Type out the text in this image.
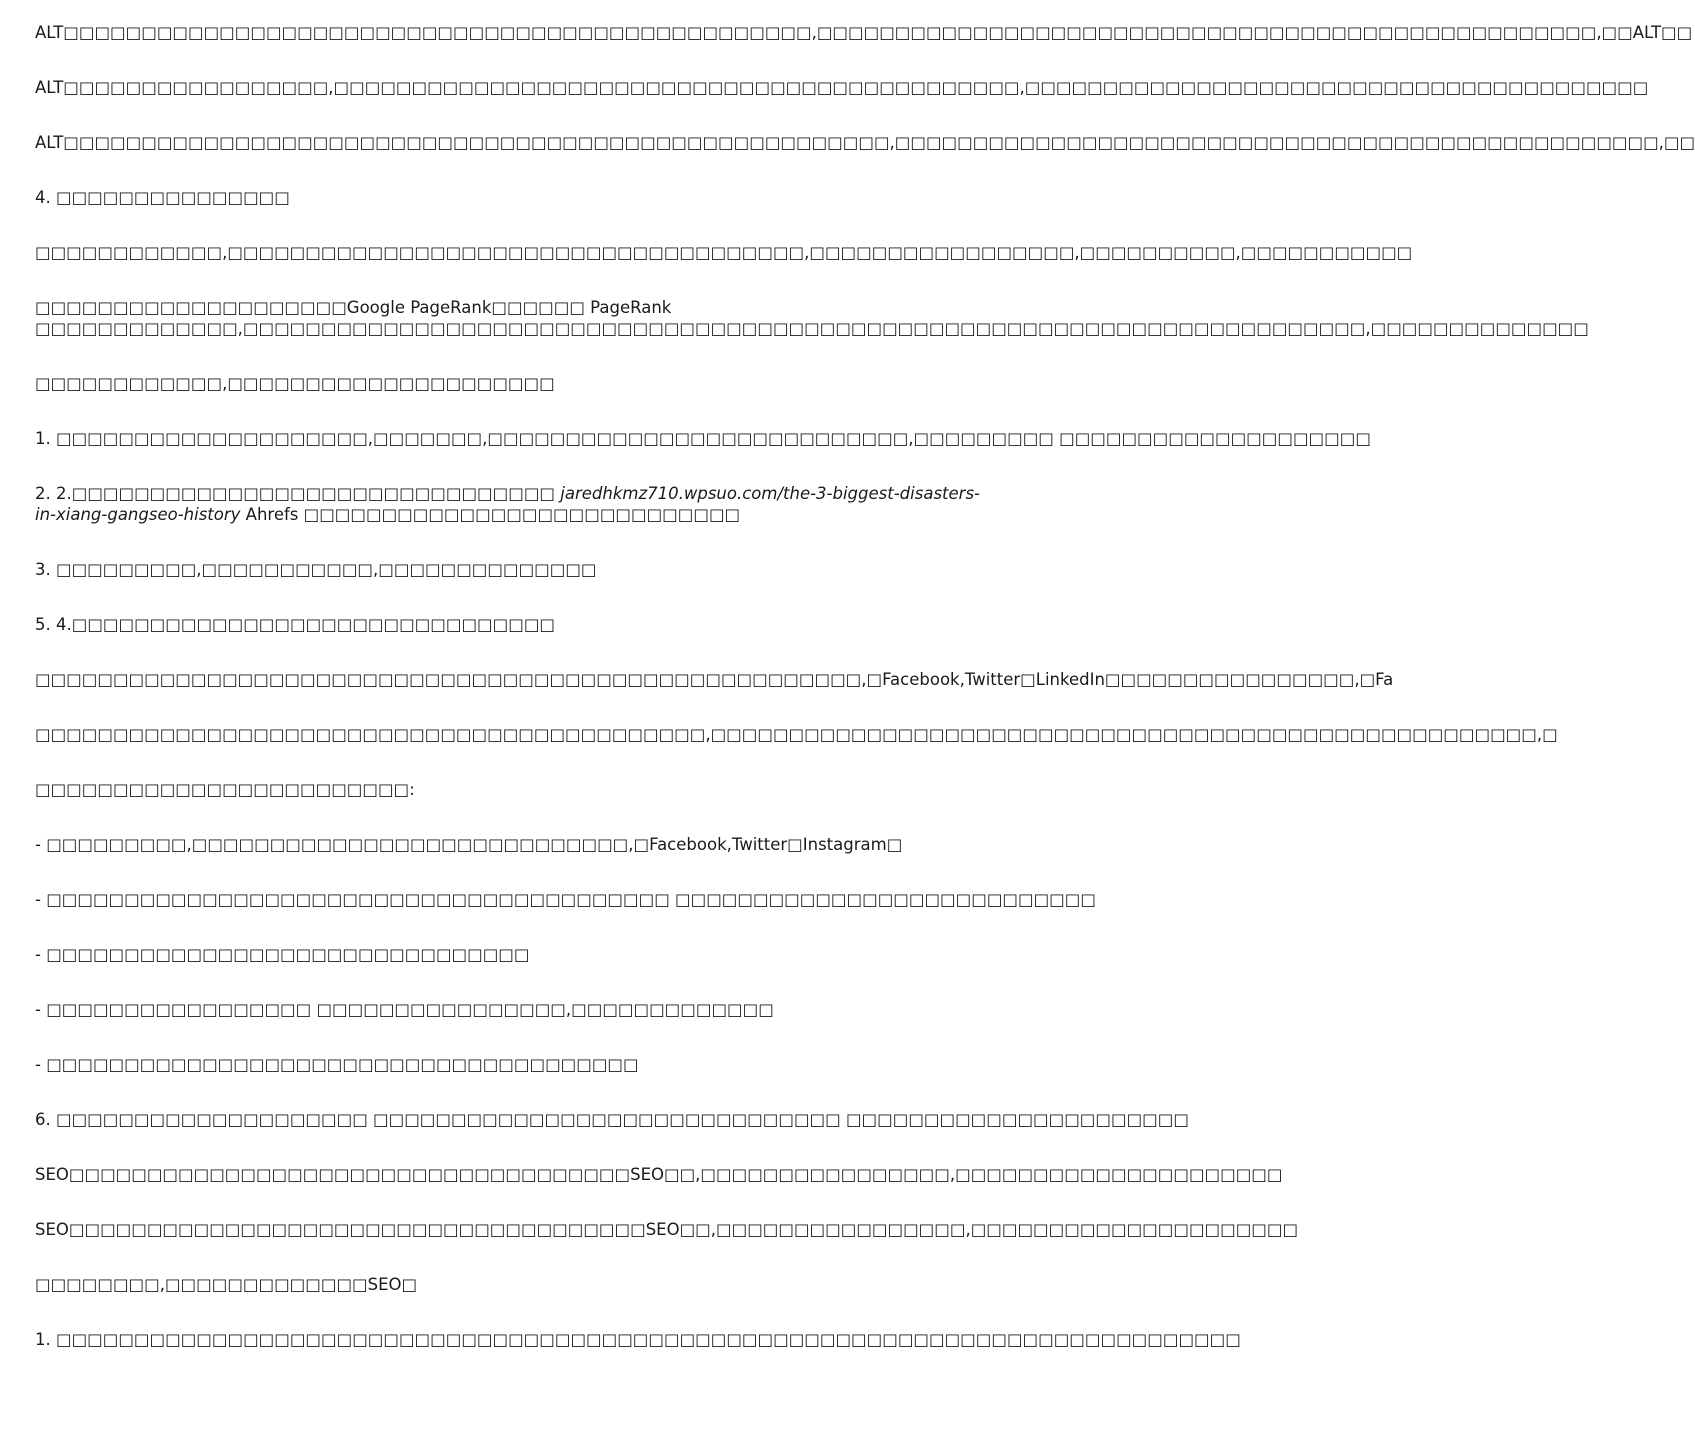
ALT□□□□□□□□□□□□□□□□□□□□□□□□□□□□□□□□□□□□□□□□□□□□□□□□,□□□□□□□□□□□□□□□□□□□□□□□□□□□□□□□□□□□□□□□□□□□□□□□□□□,□□ALT□□

ALT□□□□□□□□□□□□□□□□□,□□□□□□□□□□□□□□□□□□□□□□□□□□□□□□□□□□□□□□□□□□□□,□□□□□□□□□□□□□□□□□□□□□□□□□□□□□□□□□□□□□□□□

ALT□□□□□□□□□□□□□□□□□□□□□□□□□□□□□□□□□□□□□□□□□□□□□□□□□□□□□,□□□□□□□□□□□□□□□□□□□□□□□□□□□□□□□□□□□□□□□□□□□□□□□□□,□□

4. □□□□□□□□□□□□□□□

□□□□□□□□□□□□,□□□□□□□□□□□□□□□□□□□□□□□□□□□□□□□□□□□□□,□□□□□□□□□□□□□□□□□,□□□□□□□□□□,□□□□□□□□□□□

□□□□□□□□□□□□□□□□□□□□Google PageRank□□□□□□ PageRank
□□□□□□□□□□□□□,□□□□□□□□□□□□□□□□□□□□□□□□□□□□□□□□□□□□□□□□□□□□□□□□□□□□□□□□□□□□□□□□□□□□□□□□,□□□□□□□□□□□□□□

□□□□□□□□□□□□,□□□□□□□□□□□□□□□□□□□□□

1. □□□□□□□□□□□□□□□□□□□□,□□□□□□□,□□□□□□□□□□□□□□□□□□□□□□□□□□□,□□□□□□□□□ □□□□□□□□□□□□□□□□□□□□

2. 2.□□□□□□□□□□□□□□□□□□□□□□□□□□□□□□□ jaredhkmz710.wpsuo.com/the-3-biggest-disasters-in-xiang-gangseo-history Ahrefs □□□□□□□□□□□□□□□□□□□□□□□□□□□□

3. □□□□□□□□□,□□□□□□□□□□□,□□□□□□□□□□□□□□

5. 4.□□□□□□□□□□□□□□□□□□□□□□□□□□□□□□□

□□□□□□□□□□□□□□□□□□□□□□□□□□□□□□□□□□□□□□□□□□□□□□□□□□□□□,□Facebook,Twitter□LinkedIn□□□□□□□□□□□□□□□□,□Fa

□□□□□□□□□□□□□□□□□□□□□□□□□□□□□□□□□□□□□□□□□□□,□□□□□□□□□□□□□□□□□□□□□□□□□□□□□□□□□□□□□□□□□□□□□□□□□□□□□,□

□□□□□□□□□□□□□□□□□□□□□□□□:

- □□□□□□□□□,□□□□□□□□□□□□□□□□□□□□□□□□□□□□,□Facebook,Twitter□Instagram□

- □□□□□□□□□□□□□□□□□□□□□□□□□□□□□□□□□□□□□□□□ □□□□□□□□□□□□□□□□□□□□□□□□□□□

- □□□□□□□□□□□□□□□□□□□□□□□□□□□□□□□

- □□□□□□□□□□□□□□□□□ □□□□□□□□□□□□□□□□,□□□□□□□□□□□□□

- □□□□□□□□□□□□□□□□□□□□□□□□□□□□□□□□□□□□□□

6. □□□□□□□□□□□□□□□□□□□□ □□□□□□□□□□□□□□□□□□□□□□□□□□□□□□ □□□□□□□□□□□□□□□□□□□□□□

SEO□□□□□□□□□□□□□□□□□□□□□□□□□□□□□□□□□□□□SEO□□,□□□□□□□□□□□□□□□□,□□□□□□□□□□□□□□□□□□□□□

SEO□□□□□□□□□□□□□□□□□□□□□□□□□□□□□□□□□□□□□SEO□□,□□□□□□□□□□□□□□□□,□□□□□□□□□□□□□□□□□□□□□

□□□□□□□□,□□□□□□□□□□□□□SEO□

1. □□□□□□□□□□□□□□□□□□□□□□□□□□□□□□□□□□□□□□□□□□□□□□□□□□□□□□□□□□□□□□□□□□□□□□□□□□□□
